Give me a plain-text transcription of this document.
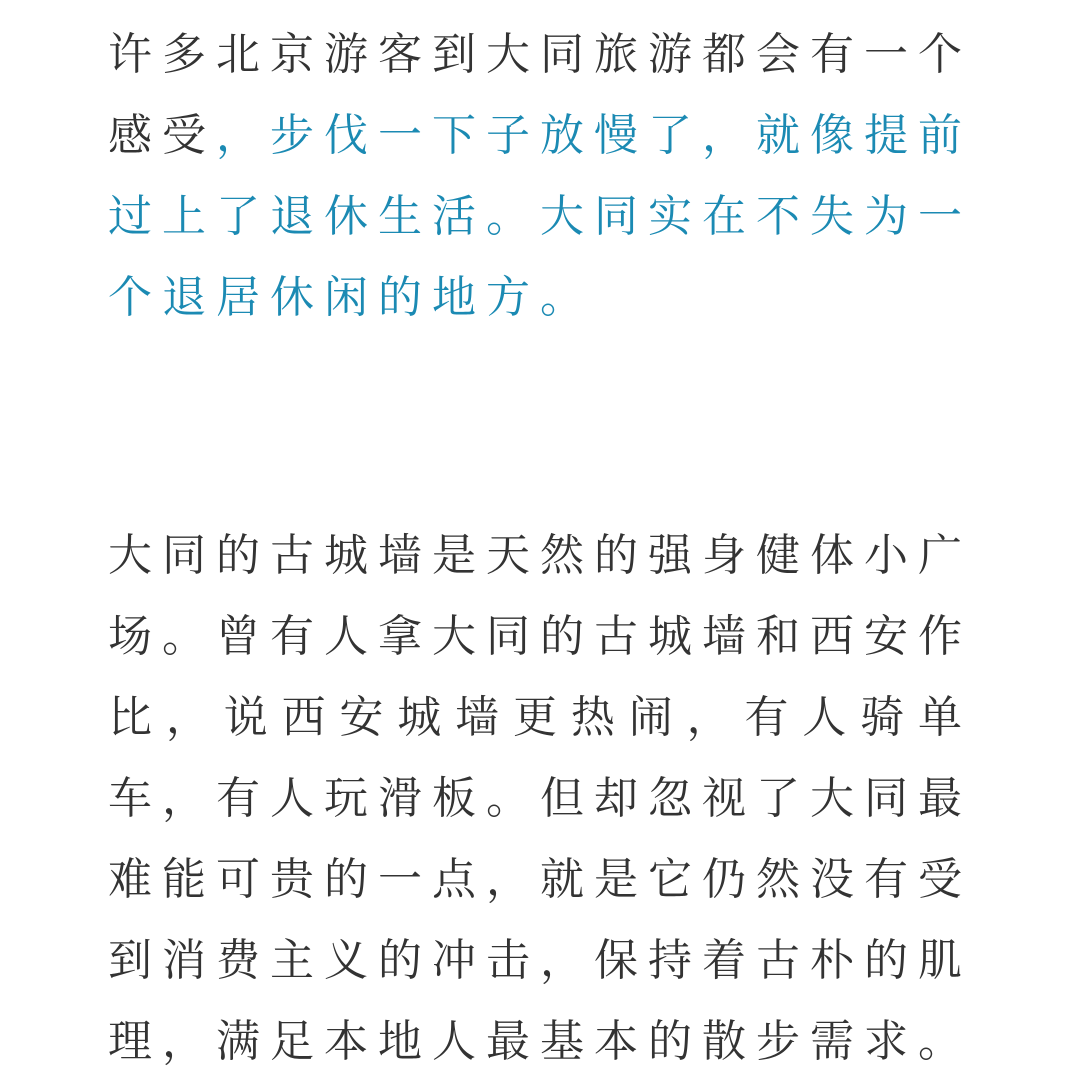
许多北京游客到大同旅游都会有一个感受，步伐一下子放慢了，就像提前过上了退休生活。大同实在不失为一个退居休闲的地方。

大同的古城墙是天然的强身健体小广场。曾有人拿大同的古城墙和西安作比，说西安城墙更热闹，有人骑单车，有人玩滑板。但却忽视了大同最难能可贵的一点，就是它仍然没有受到消费主义的冲击，保持着古朴的肌理，满足本地人最基本的散步需求。
